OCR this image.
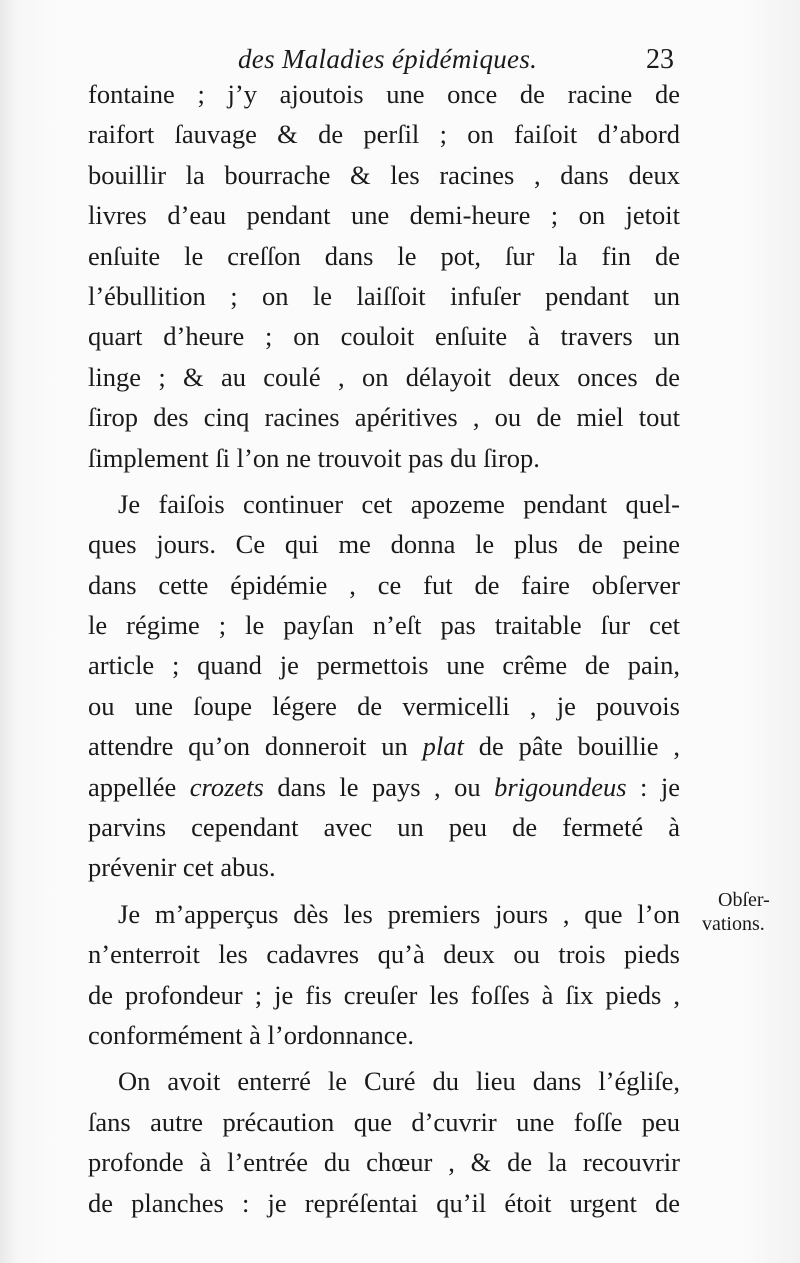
des Maladies épidémiques.	23
fontaine ; j’y ajoutois une once de racine de
raifort ſauvage & de perſil ; on faiſoit d’abord
bouillir la bourrache & les racines , dans deux
livres d’eau pendant une demi-heure ; on jetoit
enſuite le creſſon dans le pot, ſur la fin de
l’ébullition ; on le laiſſoit infuſer pendant un
quart d’heure ; on couloit enſuite à travers un
linge ; & au coulé , on délayoit deux onces de
ſirop des cinq racines apéritives , ou de miel tout
ſimplement ſi l’on ne trouvoit pas du ſirop.
Je faiſois continuer cet apozeme pendant quel-
ques jours. Ce qui me donna le plus de peine
dans cette épidémie , ce fut de faire obſerver
le régime ; le payſan n’eſt pas traitable ſur cet
article ; quand je permettois une crême de pain,
ou une ſoupe légere de vermicelli , je pouvois
attendre qu’on donneroit un plat de pâte bouillie ,
appellée crozets dans le pays , ou brigoundeus : je
parvins cependant avec un peu de fermeté à
prévenir cet abus.
Je m’apperçus dès les premiers jours , que l’on
n’enterroit les cadavres qu’à deux ou trois pieds
de profondeur ; je fis creuſer les foſſes à ſix pieds ,
conformément à l’ordonnance.
On avoit enterré le Curé du lieu dans l’égliſe,
ſans autre précaution que d’cuvrir une foſſe peu
profonde à l’entrée du chœur , & de la recouvrir
de planches : je repréſentai qu’il étoit urgent de
Obſer-
vations.
